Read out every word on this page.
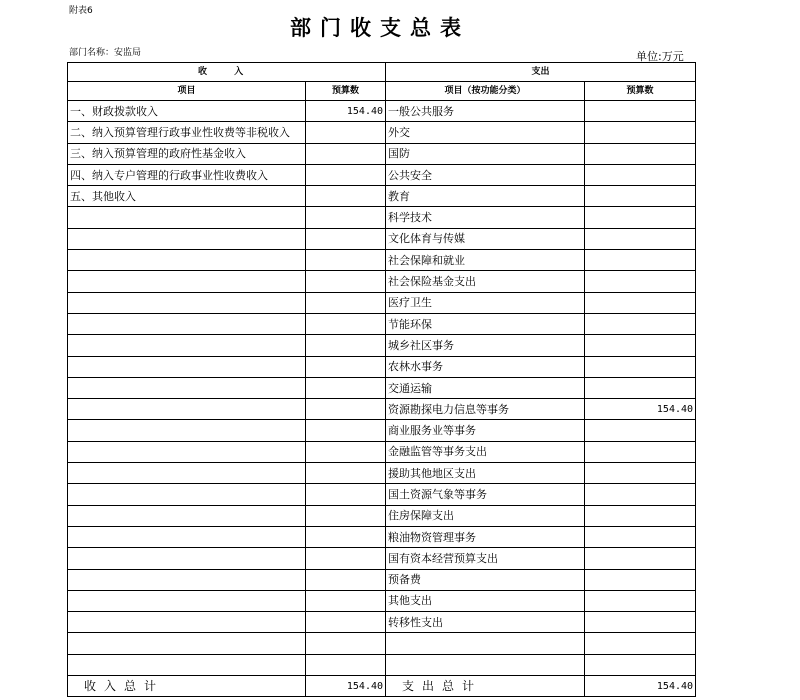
附表6
部门收支总表
部门名称：安监局	单位:万元
收 入		支出	
项目	预算数	项目（按功能分类）	预算数
一、财政拨款收入	154.40	一般公共服务	
二、纳入预算管理行政事业性收费等非税收入		外交	
三、纳入预算管理的政府性基金收入		国防	
四、纳入专户管理的行政事业性收费收入		公共安全	
五、其他收入		教育	
		科学技术	
		文化体育与传媒	
		社会保障和就业	
		社会保险基金支出	
		医疗卫生	
		节能环保	
		城乡社区事务	
		农林水事务	
		交通运输	
		资源勘探电力信息等事务	154.40
		商业服务业等事务	
		金融监管等事务支出	
		援助其他地区支出	
		国土资源气象等事务	
		住房保障支出	
		粮油物资管理事务	
		国有资本经营预算支出	
		预备费	
		其他支出	
		转移性支出	

收入总计	154.40	支出总计	154.40
